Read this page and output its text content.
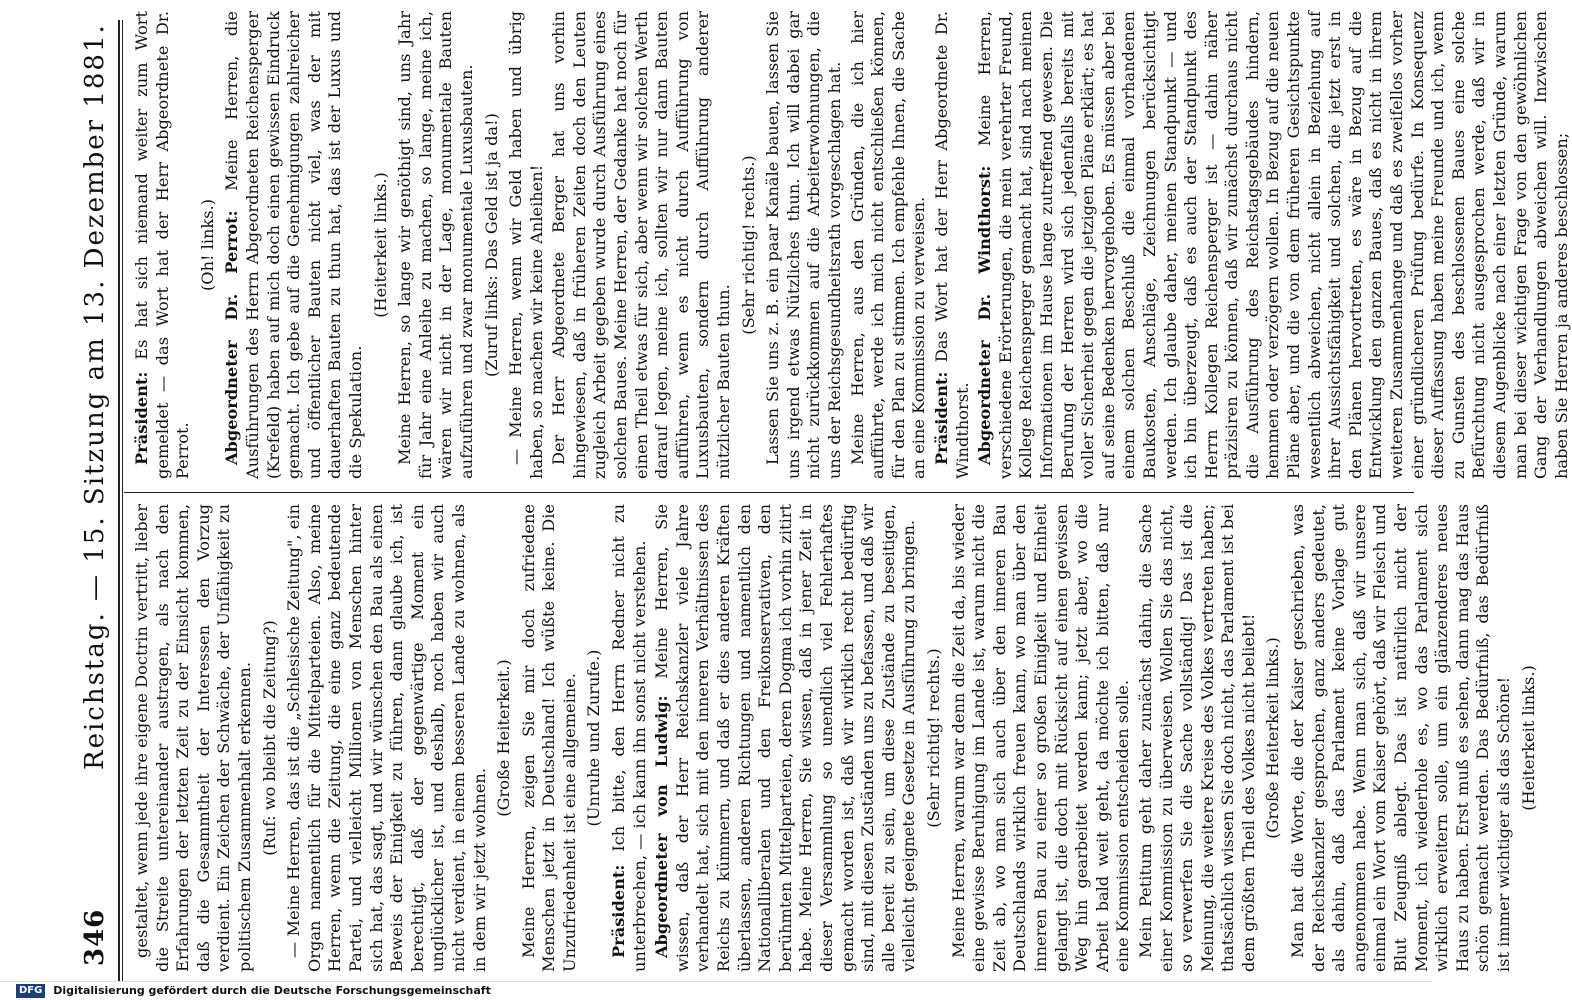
346
Reichstag. — 15. Sitzung am 13. Dezember 1881. gestaltet, wenn jede ihre eigene Doctrin vertritt, lieber die Streite untereinander austragen, als nach den Erfahrungen der letzten Zeit zu der Einsicht kommen, daß die Gesammtheit der Interessen den Vorzug verdient. Ein Zeichen der Schwäche, der Unfähigkeit zu politischem Zusammenhalt erkennen. (Ruf: wo bleibt die Zeitung?) — Meine Herren, das ist die „Schlesische Zeitung", ein Organ namentlich für die Mittelparteien. Also, meine Herren, wenn die Zeitung, die eine ganz bedeutende Partei, und vielleicht Millionen von Menschen hinter sich hat, das sagt, und wir wünschen den Bau als einen Beweis der Einigkeit zu führen, dann glaube ich, ist berechtigt, daß der gegenwärtige Moment ein unglücklicher ist, und deshalb, noch haben wir auch nicht verdient, in einem besseren Lande zu wohnen, als in dem wir jetzt wohnen.

(Große Heiterkeit.) Meine Herren, zeigen Sie mir doch zufriedene Menschen jetzt in Deutschland! Ich wüßte keine. Die Unzufriedenheit ist eine allgemeine. (Unruhe und Zurufe.)

Präsident: Ich bitte, den Herrn Redner nicht zu unterbrechen, — ich kann ihn sonst nicht verstehen. Abgeordneter von Ludwig: Meine Herren, Sie wissen, daß der Herr Reichskanzler viele Jahre verhandelt hat, sich mit den inneren Verhältnissen des Reichs zu kümmern, und daß er dies anderen Kräften überlassen, anderen Richtungen und namentlich den Nationalliberalen und den Freikonservativen, den berühmten Mittelparteien, deren Dogma ich vorhin zitirt habe. Meine Herren, Sie wissen, daß in jener Zeit in dieser Versammlung so unendlich viel Fehlerhaftes gemacht worden ist, daß wir wirklich recht bedürftig sind, mit diesen Zuständen uns zu befassen, und daß wir alle bereit zu sein, um diese Zustände zu beseitigen, vielleicht geeignete Gesetze in Ausführung zu bringen. (Sehr richtig! rechts.) Meine Herren, warum war denn die Zeit da, bis wieder eine gewisse Beruhigung im Lande ist, warum nicht die Zeit ab, wo man sich auch über den inneren Bau Deutschlands wirklich freuen kann, wo man über den inneren Bau zu einer so großen Einigkeit und Einheit gelangt ist, die doch mit Rücksicht auf einen gewissen Weg hin gearbeitet werden kann; jetzt aber, wo die Arbeit bald weit geht, da möchte ich bitten, daß nur eine Kommission entscheiden solle. Mein Petitum geht daher zunächst dahin, die Sache einer Kommission zu überweisen. Wollen Sie das nicht, so verwerfen Sie die Sache vollständig! Das ist die Meinung, die weitere Kreise des Volkes vertreten haben; thatsächlich wissen Sie doch nicht, das Parlament ist bei dem größten Theil des Volkes nicht beliebt! (Große Heiterkeit links.) Man hat die Worte, die der Kaiser geschrieben, was der Reichskanzler gesprochen, ganz anders gedeutet, als dahin, daß das Parlament keine Vorlage gut angenommen habe. Wenn man sich, daß wir unsere einmal ein Wort vom Kaiser gehört, daß wir Fleisch und Blut Zeugniß ablegt. Das ist natürlich nicht der Moment, ich wiederhole es, wo das Parlament sich wirklich erweitern solle, um ein glänzenderes neues Haus zu haben. Erst muß es sehen, dann mag das Haus schön gemacht werden. Das Bedürfniß, das Bedürfniß ist immer wichtiger als das Schöne! (Heiterkeit links.)

Präsident: Es hat sich niemand weiter zum Wort gemeldet — das Wort hat der Herr Abgeordnete Dr. Perrot.

(Oh! links.) Abgeordneter Dr. Perrot: Meine Herren, die Ausführungen des Herrn Abgeordneten Reichensperger (Krefeld) haben auf mich doch einen gewissen Eindruck gemacht. Ich gebe auf die Genehmigungen zahlreicher und öffentlicher Bauten nicht viel, was der mit dauerhaften Bauten zu thun hat, das ist der Luxus und die Spekulation.

(Heiterkeit links.) Meine Herren, so lange wir genöthigt sind, uns Jahr für Jahr eine Anleihe zu machen, so lange, meine ich, wären wir nicht in der Lage, monumentale Bauten aufzuführen und zwar monumentale Luxusbauten. (Zuruf links: Das Geld ist ja da!) — Meine Herren, wenn wir Geld haben und übrig haben, so machen wir keine Anleihen! Der Herr Abgeordnete Berger hat uns vorhin hingewiesen, daß in früheren Zeiten doch den Leuten zugleich Arbeit gegeben wurde durch Ausführung eines solchen Baues. Meine Herren, der Gedanke hat noch für einen Theil etwas für sich, aber wenn wir solchen Werth darauf legen, meine ich, sollten wir nur dann Bauten aufführen, wenn es nicht durch Aufführung von Luxusbauten, sondern durch Aufführung anderer nützlicher Bauten thun.

(Sehr richtig! rechts.) Lassen Sie uns z. B. ein paar Kanäle bauen, lassen Sie uns irgend etwas Nützliches thun. Ich will dabei gar nicht zurückkommen auf die Arbeiterwohnungen, die uns der Reichsgesundheitsrath vorgeschlagen hat. Meine Herren, aus den Gründen, die ich hier aufführte, werde ich mich nicht entschließen können, für den Plan zu stimmen. Ich empfehle Ihnen, die Sache an eine Kommission zu verweisen. Präsident: Das Wort hat der Herr Abgeordnete Dr. Windthorst. Abgeordneter Dr. Windthorst: Meine Herren, verschiedene Erörterungen, die mein verehrter Freund, Kollege Reichensperger gemacht hat, sind nach meinen Informationen im Hause lange zutreffend gewesen. Die Berufung der Herren wird sich jedenfalls bereits mit voller Sicherheit gegen die jetzigen Pläne erklärt; es hat auf seine Bedenken hervorgehoben. Es müssen aber bei einem solchen Beschluß die einmal vorhandenen Baukosten, Anschläge, Zeichnungen berücksichtigt werden. Ich glaube daher, meinen Standpunkt — und ich bin überzeugt, daß es auch der Standpunkt des Herrn Kollegen Reichensperger ist — dahin näher präzisiren zu können, daß wir zunächst durchaus nicht die Ausführung des Reichstagsgebäudes hindern, hemmen oder verzögern wollen. In Bezug auf die neuen Pläne aber, und die von dem früheren Gesichtspunkte wesentlich abweichen, nicht allein in Beziehung auf ihrer Aussichtsfähigkeit und solchen, die jetzt erst in den Plänen hervortreten, es wäre in Bezug auf die Entwicklung den ganzen Baues, daß es nicht in ihrem weiteren Zusammenhange und daß es zweifellos vorher einer gründlicheren Prüfung bedürfe. In Konsequenz dieser Auffassung haben meine Freunde und ich, wenn zu Gunsten des beschlossenen Baues eine solche Befürchtung nicht ausgesprochen werde, daß wir in diesem Augenblicke nach einer letzten Gründe, warum man bei dieser wichtigen Frage von den gewöhnlichen Gang der Verhandlungen abweichen will. Inzwischen haben Sie Herren ja anderes beschlossen;

DFG Digitalisierung gefördert durch die Deutsche Forschungsgemeinschaft
